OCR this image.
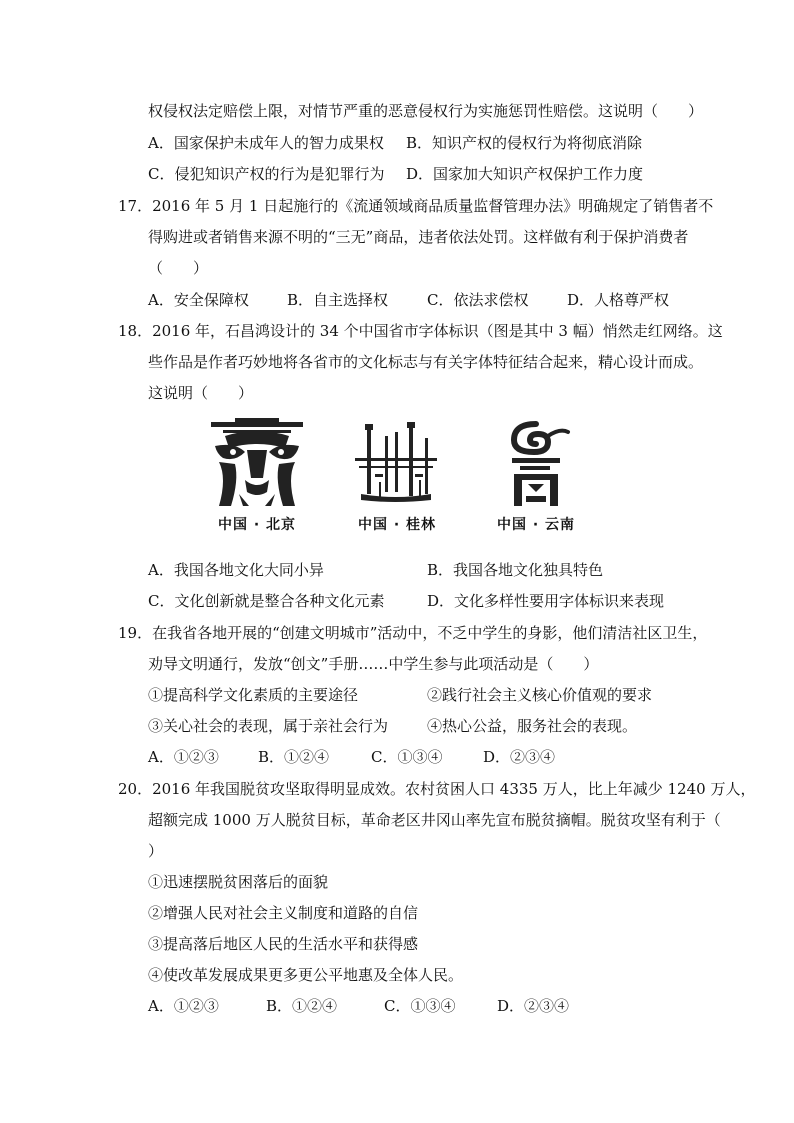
权侵权法定赔偿上限，对情节严重的恶意侵权行为实施惩罚性赔偿。这说明（　　）
A．国家保护未成年人的智力成果权 B．知识产权的侵权行为将彻底消除
C．侵犯知识产权的行为是犯罪行为 D．国家加大知识产权保护工作力度
17．2016 年 5 月 1 日起施行的《流通领域商品质量监督管理办法》明确规定了销售者不
得购进或者销售来源不明的“三无”商品，违者依法处罚。这样做有利于保护消费者
（　　）
A．安全保障权	B．自主选择权	C．依法求偿权	D．人格尊严权
18．2016 年，石昌鸿设计的 34 个中国省市字体标识（图是其中 3 幅）悄然走红网络。这
些作品是作者巧妙地将各省市的文化标志与有关字体特征结合起来，精心设计而成。
这说明（　　）
中国 · 北京	中国 · 桂林	中国 · 云南
A．我国各地文化大同小异	B．我国各地文化独具特色
C．文化创新就是整合各种文化元素	D．文化多样性要用字体标识来表现
19．在我省各地开展的“创建文明城市”活动中，不乏中学生的身影，他们清洁社区卫生，
劝导文明通行，发放“创文”手册……中学生参与此项活动是（　　）
①提高科学文化素质的主要途径	②践行社会主义核心价值观的要求
③关心社会的表现，属于亲社会行为	④热心公益，服务社会的表现。
A．①②③	B．①②④	C．①③④	D．②③④
20．2016 年我国脱贫攻坚取得明显成效。农村贫困人口 4335 万人，比上年减少 1240 万人，
超额完成 1000 万人脱贫目标，革命老区井冈山率先宣布脱贫摘帽。脱贫攻坚有利于（
）
①迅速摆脱贫困落后的面貌
②增强人民对社会主义制度和道路的自信
③提高落后地区人民的生活水平和获得感
④使改革发展成果更多更公平地惠及全体人民。
A．①②③	B．①②④	C．①③④	D．②③④
